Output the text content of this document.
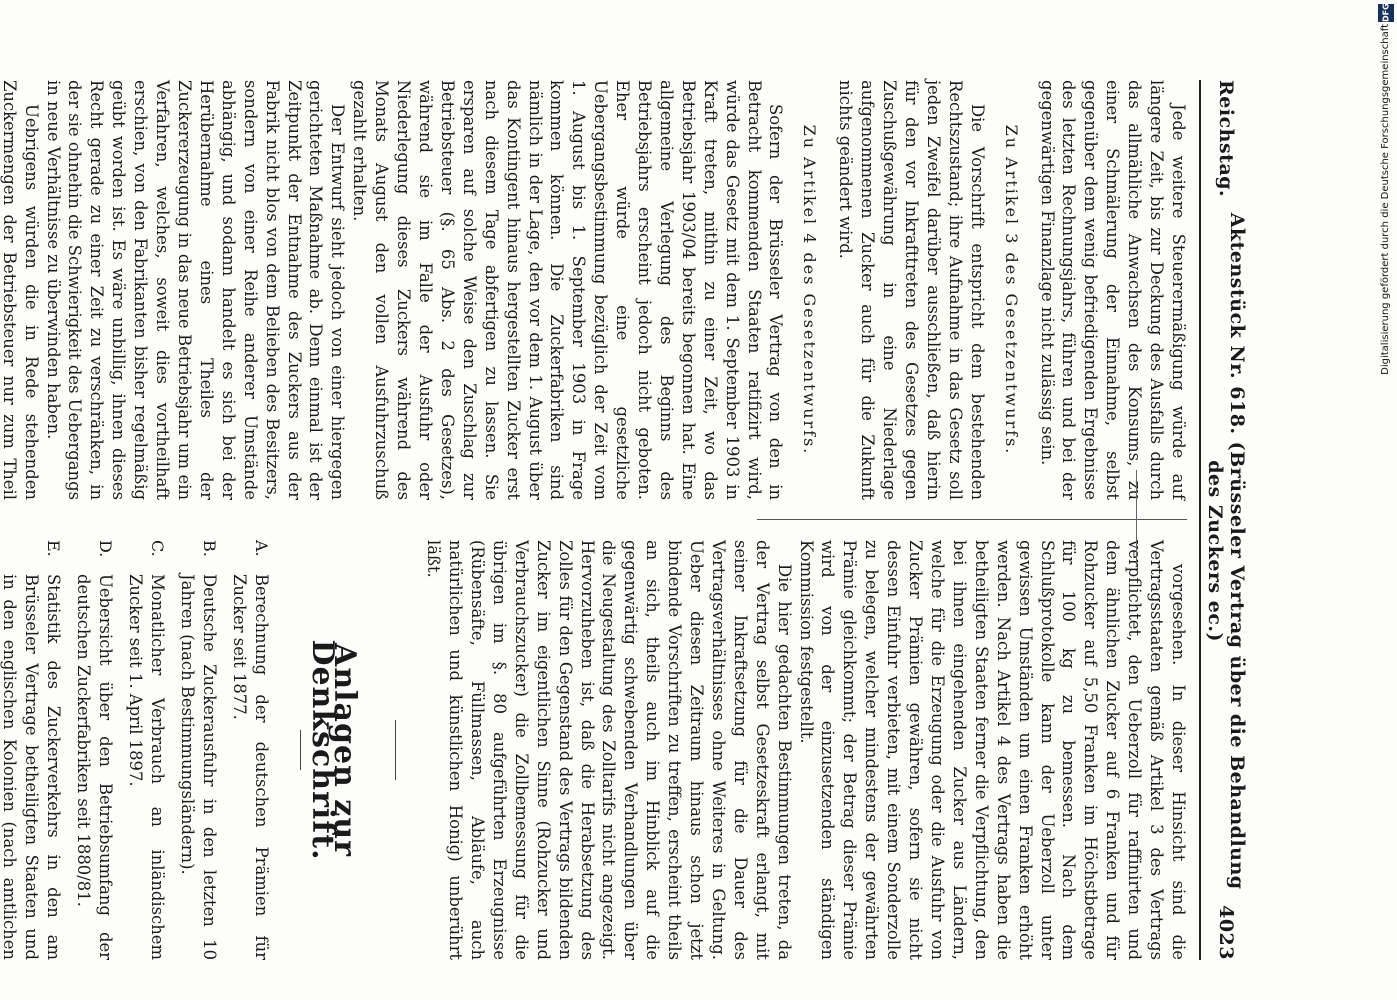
Reichstag.
Aktenstück Nr. 618. (Brüsseler Vertrag über die Behandlung des Zuckers ec.)
4023

Jede weitere Steuerermäßigung würde auf längere Zeit, bis zur Deckung des Ausfalls durch das allmähliche Anwachsen des Konsums, zu einer Schmälerung der Einnahme, selbst gegenüber dem wenig befriedigenden Ergebnisse des letzten Rechnungsjahrs, führen und bei der gegenwärtigen Finanzlage nicht zulässig sein.

Zu Artikel 3 des Gesetzentwurfs.

Die Vorschrift entspricht dem bestehenden Rechtszustand; ihre Aufnahme in das Gesetz soll jeden Zweifel darüber ausschließen, daß hierin für den vor Inkrafttreten des Gesetzes gegen Zuschußgewährung in eine Niederlage aufgenommenen Zucker auch für die Zukunft nichts geändert wird.

Zu Artikel 4 des Gesetzentwurfs.

Sofern der Brüsseler Vertrag von den in Betracht kommenden Staaten ratifizirt wird, würde das Gesetz mit dem 1. September 1903 in Kraft treten, mithin zu einer Zeit, wo das Betriebsjahr 1903/04 bereits begonnen hat. Eine allgemeine Verlegung des Beginns des Betriebsjahrs erscheint jedoch nicht geboten. Eher würde eine gesetzliche Uebergangsbestimmung bezüglich der Zeit vom 1. August bis 1. September 1903 in Frage kommen können. Die Zuckerfabriken sind nämlich in der Lage, den vor dem 1. August über das Kontingent hinaus hergestellten Zucker erst nach diesem Tage abfertigen zu lassen. Sie ersparen auf solche Weise den Zuschlag zur Betriebsteuer (§. 65 Abs. 2 des Gesetzes), während sie im Falle der Ausfuhr oder Niederlegung dieses Zuckers während des Monats August den vollen Ausfuhrzuschuß gezahlt erhalten.

Der Entwurf sieht jedoch von einer hiergegen gerichteten Maßnahme ab. Denn einmal ist der Zeitpunkt der Entnahme des Zuckers aus der Fabrik nicht blos von dem Belieben des Besitzers, sondern von einer Reihe anderer Umstände abhängig, und sodann handelt es sich bei der Herübernahme eines Theiles der Zuckererzeugung in das neue Betriebsjahr um ein Verfahren, welches, soweit dies vortheilhaft erschien, von den Fabrikanten bisher regelmäßig geübt worden ist. Es wäre unbillig, ihnen dieses Recht gerade zu einer Zeit zu verschränken, in der sie ohnehin die Schwierigkeit des Uebergangs in neue Verhältnisse zu überwinden haben.

Uebrigens würden die in Rede stehenden Zuckermengen der Betriebsteuer nur zum Theil

vorgesehen. In dieser Hinsicht sind die Vertragsstaaten gemäß Artikel 3 des Vertrags verpflichtet, den Ueberzoll für raffinirten und dem ähnlichen Zucker auf 6 Franken und für Rohzucker auf 5,50 Franken im Höchstbetrage für 100 kg zu bemessen. Nach dem Schlußprotokolle kann der Ueberzoll unter gewissen Umständen um einen Franken erhöht werden. Nach Artikel 4 des Vertrags haben die betheiligten Staaten ferner die Verpflichtung, den bei ihnen eingehenden Zucker aus Ländern, welche für die Erzeugung oder die Ausfuhr von Zucker Prämien gewähren, sofern sie nicht dessen Einfuhr verbieten, mit einem Sonderzolle zu belegen, welcher mindestens der gewährten Prämie gleichkommt; der Betrag dieser Prämie wird von der einzusetzenden ständigen Kommission festgestellt.

Die hier gedachten Bestimmungen treten, da der Vertrag selbst Gesetzeskraft erlangt, mit seiner Inkraftsetzung für die Dauer des Vertragsverhältnisses ohne Weiteres in Geltung. Ueber diesen Zeitraum hinaus schon jetzt bindende Vorschriften zu treffen, erscheint theils an sich, theils auch im Hinblick auf die gegenwärtig schwebenden Verhandlungen über die Neugestaltung des Zolltarifs nicht angezeigt. Hervorzuheben ist, daß die Herabsetzung des Zolles für den Gegenstand des Vertrags bildenden Zucker im eigentlichen Sinne (Rohzucker und Verbrauchszucker) die Zollbemessung für die übrigen im §. 80 aufgeführten Erzeugnisse (Rübensäfte, Füllmassen, Abläufe, auch natürlichen und künstlichen Honig) unberührt läßt.

Anlagen zur Denkschrift.
A.
Berechnung der deutschen Prämien für Zucker seit 1877.
B.
Deutsche Zuckerausfuhr in den letzten 10 Jahren (nach Bestimmungsländern).
C.
Monatlicher Verbrauch an inländischem Zucker seit 1. April 1897.
D.
Uebersicht über den Betriebsumfang der deutschen Zuckerfabriken seit 1880/81.
E.
Statistik des Zuckerverkehrs in den am Brüsseler Vertrage betheiligten Staaten und in den englischen Kolonien (nach amtlichen
DFG
Digitalisierung gefördert durch die Deutsche Forschungsgemeinschaft
